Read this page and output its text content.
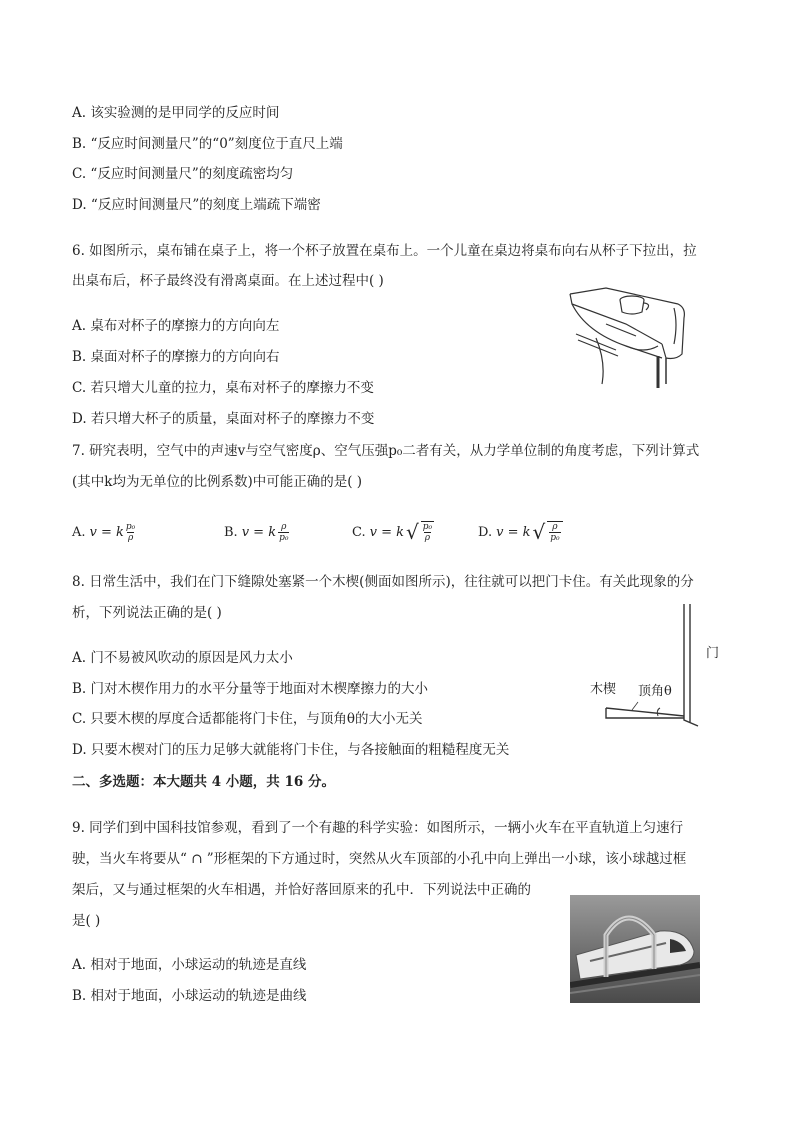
A. 该实验测的是甲同学的反应时间
B. “反应时间测量尺”的“0”刻度位于直尺上端
C. “反应时间测量尺”的刻度疏密均匀
D. “反应时间测量尺”的刻度上端疏下端密
6. 如图所示，桌布铺在桌子上，将一个杯子放置在桌布上。一个儿童在桌边将桌布向右从杯子下拉出，拉
出桌布后，杯子最终没有滑离桌面。在上述过程中( )
A. 桌布对杯子的摩擦力的方向向左
B. 桌面对杯子的摩擦力的方向向右
C. 若只增大儿童的拉力，桌布对杯子的摩擦力不变
D. 若只增大杯子的质量，桌面对杯子的摩擦力不变
7. 研究表明，空气中的声速v与空气密度ρ、空气压强p₀二者有关，从力学单位制的角度考虑，下列计算式
(其中k均为无单位的比例系数)中可能正确的是( )
A. v = k $\frac{\text{p₀}}{\rho}$	B. v = k $\frac{\rho}{\text{p₀}}$	C. v = k √ $\frac{\text{p₀}}{\rho}$	D. v = k √ $\frac{\rho}{\text{p₀}}$
8. 日常生活中，我们在门下缝隙处塞紧一个木楔(侧面如图所示)，往往就可以把门卡住。有关此现象的分
析，下列说法正确的是( )
A. 门不易被风吹动的原因是风力太小
B. 门对木楔作用力的水平分量等于地面对木楔摩擦力的大小
C. 只要木楔的厚度合适都能将门卡住，与顶角θ的大小无关
D. 只要木楔对门的压力足够大就能将门卡住，与各接触面的粗糙程度无关
门
木楔 顶角θ
二、多选题：本大题共 4 小题，共 16 分。
9. 同学们到中国科技馆参观，看到了一个有趣的科学实验：如图所示，一辆小火车在平直轨道上匀速行
驶，当火车将要从“ ∩ ”形框架的下方通过时，突然从火车顶部的小孔中向上弹出一小球，该小球越过框
架后，又与通过框架的火车相遇，并恰好落回原来的孔中．下列说法中正确的
是( )
A. 相对于地面，小球运动的轨迹是直线
B. 相对于地面，小球运动的轨迹是曲线
